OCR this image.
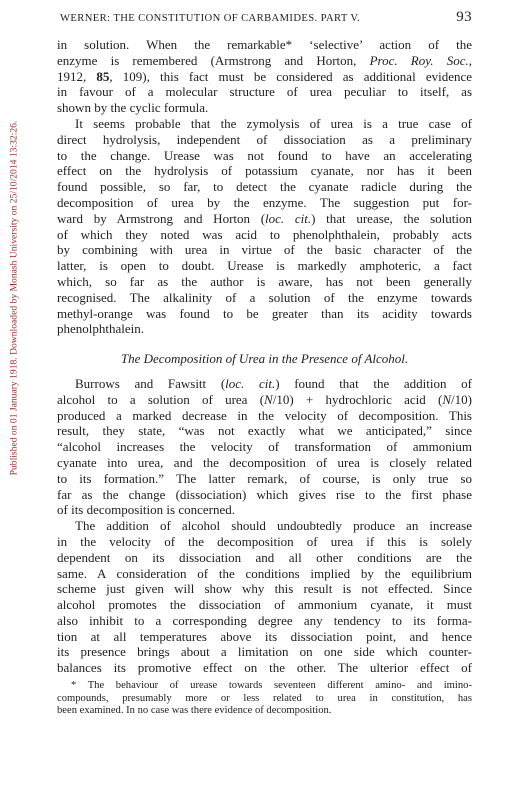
WERNER: THE CONSTITUTION OF CARBAMIDES. PART V.	93
Published on 01 January 1918. Downloaded by Monash University on 25/10/2014 13:32:26.
in solution. When the remarkable* ‘selective’ action of the
enzyme is remembered (Armstrong and Horton, Proc. Roy. Soc.,
1912, 85, 109), this fact must be considered as additional evidence
in favour of a molecular structure of urea peculiar to itself, as
shown by the cyclic formula.
It seems probable that the zymolysis of urea is a true case of
direct hydrolysis, independent of dissociation as a preliminary
to the change. Urease was not found to have an accelerating
effect on the hydrolysis of potassium cyanate, nor has it been
found possible, so far, to detect the cyanate radicle during the
decomposition of urea by the enzyme. The suggestion put for-
ward by Armstrong and Horton (loc. cit.) that urease, the solution
of which they noted was acid to phenolphthalein, probably acts
by combining with urea in virtue of the basic character of the
latter, is open to doubt. Urease is markedly amphoteric, a fact
which, so far as the author is aware, has not been generally
recognised. The alkalinity of a solution of the enzyme towards
methyl-orange was found to be greater than its acidity towards
phenolphthalein.
The Decomposition of Urea in the Presence of Alcohol.
Burrows and Fawsitt (loc. cit.) found that the addition of
alcohol to a solution of urea (N/10) + hydrochloric acid (N/10)
produced a marked decrease in the velocity of decomposition. This
result, they state, “was not exactly what we anticipated,” since
“alcohol increases the velocity of transformation of ammonium
cyanate into urea, and the decomposition of urea is closely related
to its formation.” The latter remark, of course, is only true so
far as the change (dissociation) which gives rise to the first phase
of its decomposition is concerned.
The addition of alcohol should undoubtedly produce an increase
in the velocity of the decomposition of urea if this is solely
dependent on its dissociation and all other conditions are the
same. A consideration of the conditions implied by the equilibrium
scheme just given will show why this result is not effected. Since
alcohol promotes the dissociation of ammonium cyanate, it must
also inhibit to a corresponding degree any tendency to its forma-
tion at all temperatures above its dissociation point, and hence
its presence brings about a limitation on one side which counter-
balances its promotive effect on the other. The ulterior effect of
* The behaviour of urease towards seventeen different amino- and imino-
compounds, presumably more or less related to urea in constitution, has
been examined. In no case was there evidence of decomposition.
